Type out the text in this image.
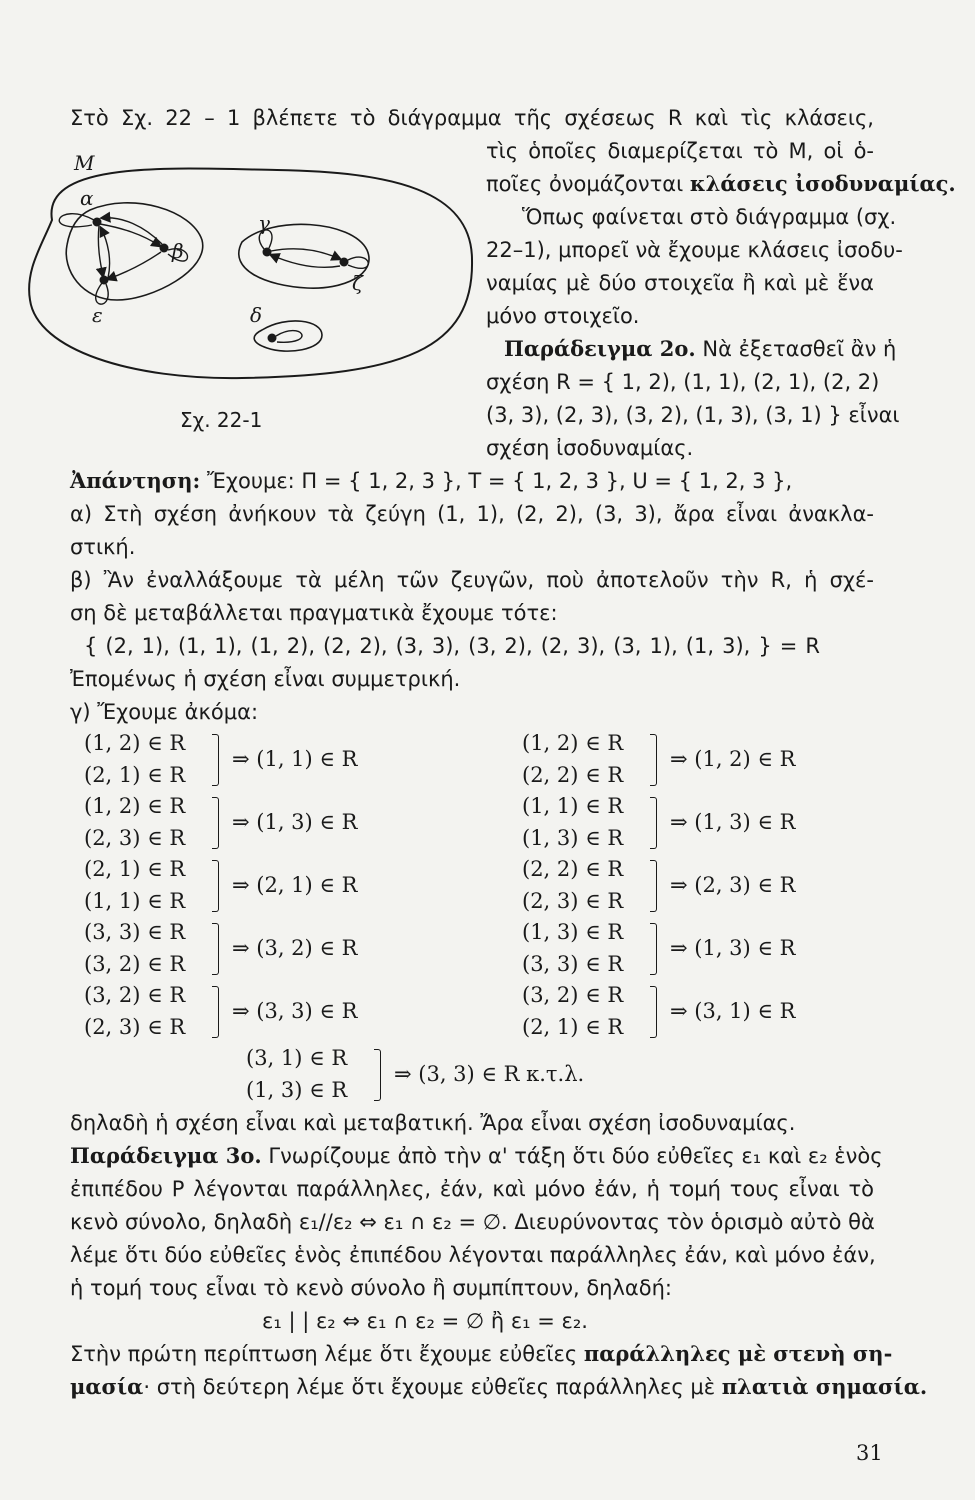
Στὸ Σχ. 22 – 1 βλέπετε τὸ διάγραμμα τῆς σχέσεως R καὶ τὶς κλάσεις,
τὶς ὁποῖες διαμερίζεται τὸ Μ, οἱ ὁ-
ποῖες ὀνομάζονται κλάσεις ἰσοδυναμίας.
Ὅπως φαίνεται στὸ διάγραμμα (σχ.
22–1), μπορεῖ νὰ ἔχουμε κλάσεις ἰσοδυ-
ναμίας μὲ δύο στοιχεῖα ἢ καὶ μὲ ἕνα
μόνο στοιχεῖο.
α
β
ε
Μ
γ
ζ
δ
Σχ. 22-1
Παράδειγμα 2ο. Νὰ ἐξετασθεῖ ἂν ἡ
σχέση R = { 1, 2), (1, 1), (2, 1), (2, 2)
(3, 3), (2, 3), (3, 2), (1, 3), (3, 1) } εἶναι
σχέση ἰσοδυναμίας.
Ἀπάντηση: Ἔχουμε: Π = { 1, 2, 3 }, Τ = { 1, 2, 3 }, U = { 1, 2, 3 },
α) Στὴ σχέση ἀνήκουν τὰ ζεύγη (1, 1), (2, 2), (3, 3), ἄρα εἶναι ἀνακλα-
στική.
β) Ἂν ἐναλλάξουμε τὰ μέλη τῶν ζευγῶν, ποὺ ἀποτελοῦν τὴν R, ἡ σχέ-
ση δὲ μεταβάλλεται πραγματικὰ ἔχουμε τότε:
{ (2, 1), (1, 1), (1, 2), (2, 2), (3, 3), (3, 2), (2, 3), (3, 1), (1, 3), } = R
Ἐπομένως ἡ σχέση εἶναι συμμετρική.
γ) Ἔχουμε ἀκόμα:
(1, 2) ∈ R
(2, 1) ∈ R
⇒ (1, 1) ∈ R
(1, 2) ∈ R
(2, 3) ∈ R
⇒ (1, 3) ∈ R
(2, 1) ∈ R
(1, 1) ∈ R
⇒ (2, 1) ∈ R
(3, 3) ∈ R
(3, 2) ∈ R
⇒ (3, 2) ∈ R
(3, 2) ∈ R
(2, 3) ∈ R
⇒ (3, 3) ∈ R
(1, 2) ∈ R
(2, 2) ∈ R
⇒ (1, 2) ∈ R
(1, 1) ∈ R
(1, 3) ∈ R
⇒ (1, 3) ∈ R
(2, 2) ∈ R
(2, 3) ∈ R
⇒ (2, 3) ∈ R
(1, 3) ∈ R
(3, 3) ∈ R
⇒ (1, 3) ∈ R
(3, 2) ∈ R
(2, 1) ∈ R
⇒ (3, 1) ∈ R
(3, 1) ∈ R
(1, 3) ∈ R
⇒ (3, 3) ∈ R κ.τ.λ.
δηλαδὴ ἡ σχέση εἶναι καὶ μεταβατική. Ἄρα εἶναι σχέση ἰσοδυναμίας.
Παράδειγμα 3ο. Γνωρίζουμε ἀπὸ τὴν α' τάξη ὅτι δύο εὐθεῖες ε₁ καὶ ε₂ ἑνὸς
ἐπιπέδου Ρ λέγονται παράλληλες, ἐάν, καὶ μόνο ἐάν, ἡ τομή τους εἶναι τὸ
κενὸ σύνολο, δηλαδὴ ε₁//ε₂ ⇔ ε₁ ∩ ε₂ = ∅. Διευρύνοντας τὸν ὁρισμὸ αὐτὸ θὰ
λέμε ὅτι δύο εὐθεῖες ἑνὸς ἐπιπέδου λέγονται παράλληλες ἐάν, καὶ μόνο ἐάν,
ἡ τομή τους εἶναι τὸ κενὸ σύνολο ἢ συμπίπτουν, δηλαδή:
ε₁ | | ε₂ ⇔ ε₁ ∩ ε₂ = ∅ ἢ ε₁ = ε₂.
Στὴν πρώτη περίπτωση λέμε ὅτι ἔχουμε εὐθεῖες παράλληλες μὲ στενὴ ση-
μασία· στὴ δεύτερη λέμε ὅτι ἔχουμε εὐθεῖες παράλληλες μὲ πλατιὰ σημασία.
31
